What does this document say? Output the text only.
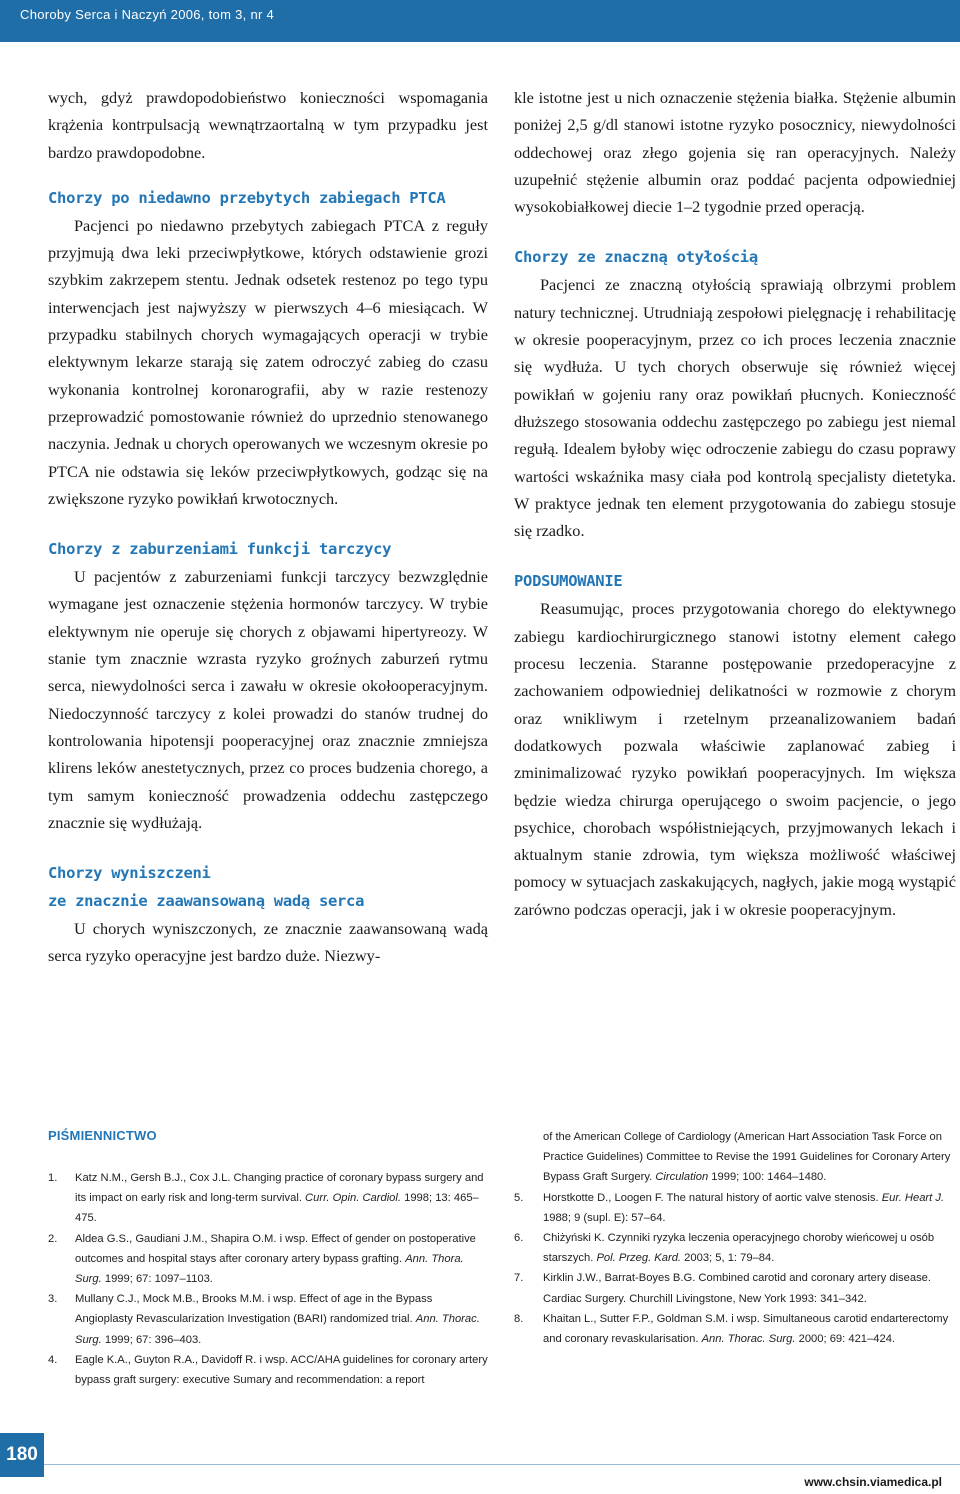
Choroby Serca i Naczyń 2006, tom 3, nr 4

wych, gdyż prawdopodobieństwo konieczności wspomagania krążenia kontrpulsacją wewnątrzaortalną w tym przypadku jest bardzo prawdopodobne.

Chorzy po niedawno przebytych zabiegach PTCA

Pacjenci po niedawno przebytych zabiegach PTCA z reguły przyjmują dwa leki przeciwpłytkowe, których odstawienie grozi szybkim zakrzepem stentu. Jednak odsetek restenoz po tego typu interwencjach jest najwyższy w pierwszych 4–6 miesiącach. W przypadku stabilnych chorych wymagających operacji w trybie elektywnym lekarze starają się zatem odroczyć zabieg do czasu wykonania kontrolnej koronarografii, aby w razie restenozy przeprowadzić pomostowanie również do uprzednio stenowanego naczynia. Jednak u chorych operowanych we wczesnym okresie po PTCA nie odstawia się leków przeciwpłytkowych, godząc się na zwiększone ryzyko powikłań krwotocznych.

Chorzy z zaburzeniami funkcji tarczycy

U pacjentów z zaburzeniami funkcji tarczycy bezwzględnie wymagane jest oznaczenie stężenia hormonów tarczycy. W trybie elektywnym nie operuje się chorych z objawami hipertyreozy. W stanie tym znacznie wzrasta ryzyko groźnych zaburzeń rytmu serca, niewydolności serca i zawału w okresie okołooperacyjnym. Niedoczynność tarczycy z kolei prowadzi do stanów trudnej do kontrolowania hipotensji pooperacyjnej oraz znacznie zmniejsza klirens leków anestetycznych, przez co proces budzenia chorego, a tym samym konieczność prowadzenia oddechu zastępczego znacznie się wydłużają.

Chorzy wyniszczeni
ze znacznie zaawansowaną wadą serca

U chorych wyniszczonych, ze znacznie zaawansowaną wadą serca ryzyko operacyjne jest bardzo duże. Niezwy-

kle istotne jest u nich oznaczenie stężenia białka. Stężenie albumin poniżej 2,5 g/dl stanowi istotne ryzyko posocznicy, niewydolności oddechowej oraz złego gojenia się ran operacyjnych. Należy uzupełnić stężenie albumin oraz poddać pacjenta odpowiedniej wysokobiałkowej diecie 1–2 tygodnie przed operacją.

Chorzy ze znaczną otyłością

Pacjenci ze znaczną otyłością sprawiają olbrzymi problem natury technicznej. Utrudniają zespołowi pielęgnację i rehabilitację w okresie pooperacyjnym, przez co ich proces leczenia znacznie się wydłuża. U tych chorych obserwuje się również więcej powikłań w gojeniu rany oraz powikłań płucnych. Konieczność dłuższego stosowania oddechu zastępczego po zabiegu jest niemal regułą. Idealem byłoby więc odroczenie zabiegu do czasu poprawy wartości wskaźnika masy ciała pod kontrolą specjalisty dietetyka. W praktyce jednak ten element przygotowania do zabiegu stosuje się rzadko.

PODSUMOWANIE

Reasumując, proces przygotowania chorego do elektywnego zabiegu kardiochirurgicznego stanowi istotny element całego procesu leczenia. Staranne postępowanie przedoperacyjne z zachowaniem odpowiedniej delikatności w rozmowie z chorym oraz wnikliwym i rzetelnym przeanalizowaniem badań dodatkowych pozwala właściwie zaplanować zabieg i zminimalizować ryzyko powikłań pooperacyjnych. Im większa będzie wiedza chirurga operującego o swoim pacjencie, o jego psychice, chorobach współistniejących, przyjmowanych lekach i aktualnym stanie zdrowia, tym większa możliwość właściwej pomocy w sytuacjach zaskakujących, nagłych, jakie mogą wystąpić zarówno podczas operacji, jak i w okresie pooperacyjnym.

PIŚMIENNICTWO
1. Katz N.M., Gersh B.J., Cox J.L. Changing practice of coronary bypass surgery and its impact on early risk and long-term survival. Curr. Opin. Cardiol. 1998; 13: 465–475.
2. Aldea G.S., Gaudiani J.M., Shapira O.M. i wsp. Effect of gender on postoperative outcomes and hospital stays after coronary artery bypass grafting. Ann. Thora. Surg. 1999; 67: 1097–1103.
3. Mullany C.J., Mock M.B., Brooks M.M. i wsp. Effect of age in the Bypass Angioplasty Revascularization Investigation (BARI) randomized trial. Ann. Thorac. Surg. 1999; 67: 396–403.
4. Eagle K.A., Guyton R.A., Davidoff R. i wsp. ACC/AHA guidelines for coronary artery bypass graft surgery: executive Sumary and recommendation: a report
of the American College of Cardiology (American Hart Association Task Force on Practice Guidelines) Committee to Revise the 1991 Guidelines for Coronary Artery Bypass Graft Surgery. Circulation 1999; 100: 1464–1480.
5. Horstkotte D., Loogen F. The natural history of aortic valve stenosis. Eur. Heart J. 1988; 9 (supl. E): 57–64.
6. Chiżyński K. Czynniki ryzyka leczenia operacyjnego choroby wieńcowej u osób starszych. Pol. Przeg. Kard. 2003; 5, 1: 79–84.
7. Kirklin J.W., Barrat-Boyes B.G. Combined carotid and coronary artery disease. Cardiac Surgery. Churchill Livingstone, New York 1993: 341–342.
8. Khaitan L., Sutter F.P., Goldman S.M. i wsp. Simultaneous carotid endarterectomy and coronary revaskularisation. Ann. Thorac. Surg. 2000; 69: 421–424.
180
www.chsin.viamedica.pl
